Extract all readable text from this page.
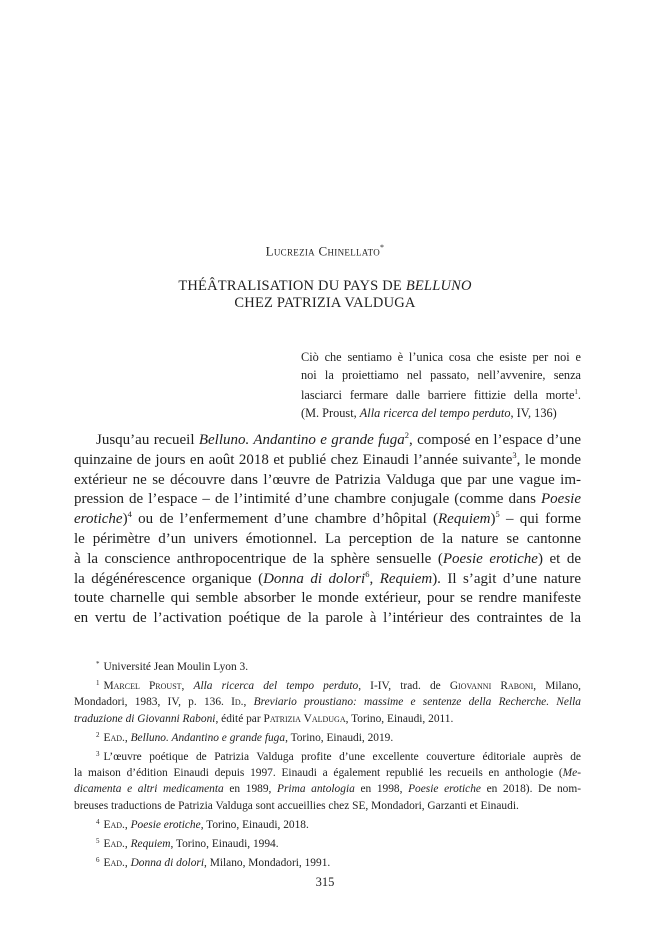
Lucrezia Chinellato*
THÉÂTRALISATION DU PAYS DE BELLUNO
CHEZ PATRIZIA VALDUGA
Ciò che sentiamo è l’unica cosa che esiste per noi e
noi la proiettiamo nel passato, nell’avvenire, senza
lasciarci fermare dalle barriere fittizie della morte$^1$.
(M. Proust, Alla ricerca del tempo perduto, IV, 136)
Jusqu’au recueil Belluno. Andantino e grande fuga$^2$, composé en l’espace d’une
quinzaine de jours en août 2018 et publié chez Einaudi l’année suivante$^3$, le monde
extérieur ne se découvre dans l’œuvre de Patrizia Valduga que par une vague im-
pression de l’espace – de l’intimité d’une chambre conjugale (comme dans Poesie
erotiche)$^4$ ou de l’enfermement d’une chambre d’hôpital (Requiem)$^5$ – qui forme
le périmètre d’un univers émotionnel. La perception de la nature se cantonne
à la conscience anthropocentrique de la sphère sensuelle (Poesie erotiche) et de
la dégénérescence organique (Donna di dolori$^6$, Requiem). Il s’agit d’une nature
toute charnelle qui semble absorber le monde extérieur, pour se rendre manifeste
en vertu de l’activation poétique de la parole à l’intérieur des contraintes de la
* Université Jean Moulin Lyon 3.
$^1$ Marcel Proust, Alla ricerca del tempo perduto, I-IV, trad. de Giovanni Raboni, Milano,
Mondadori, 1983, IV, p. 136. Id., Breviario proustiano: massime e sentenze della Recherche. Nella
traduzione di Giovanni Raboni, édité par Patrizia Valduga, Torino, Einaudi, 2011.
$^2$ Ead., Belluno. Andantino e grande fuga, Torino, Einaudi, 2019.
$^3$ L’œuvre poétique de Patrizia Valduga profite d’une excellente couverture éditoriale auprès de
la maison d’édition Einaudi depuis 1997. Einaudi a également republié les recueils en anthologie (Me-
dicamenta e altri medicamenta en 1989, Prima antologia en 1998, Poesie erotiche en 2018). De nom-
breuses traductions de Patrizia Valduga sont accueillies chez SE, Mondadori, Garzanti et Einaudi.
$^4$ Ead., Poesie erotiche, Torino, Einaudi, 2018.
$^5$ Ead., Requiem, Torino, Einaudi, 1994.
$^6$ Ead., Donna di dolori, Milano, Mondadori, 1991.
315
